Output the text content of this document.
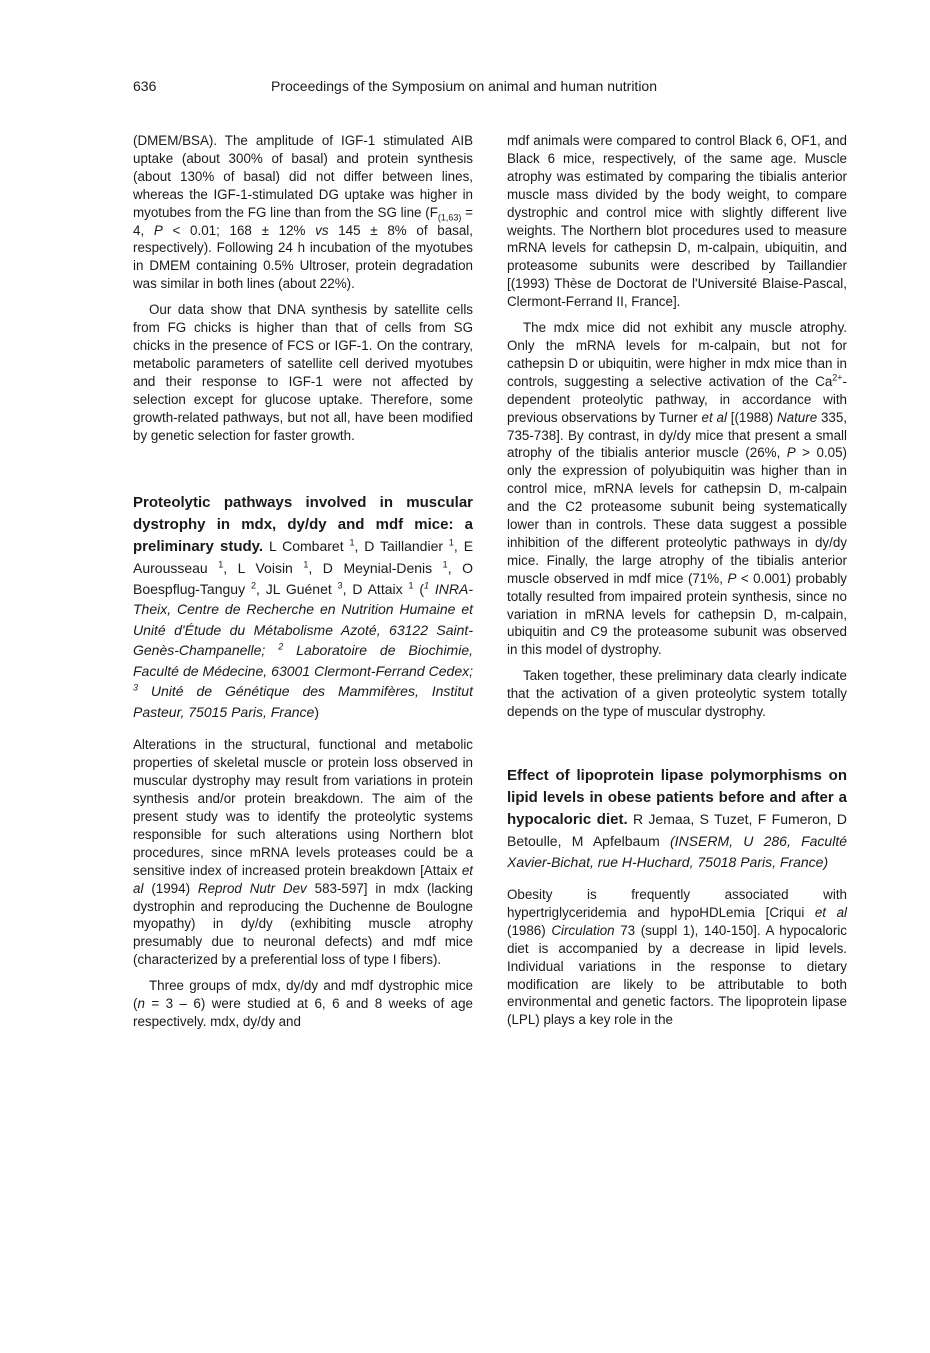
636	Proceedings of the Symposium on animal and human nutrition

(DMEM/BSA). The amplitude of IGF-1 stimulated AIB uptake (about 300% of basal) and protein synthesis (about 130% of basal) did not differ between lines, whereas the IGF-1-stimulated DG uptake was higher in myotubes from the FG line than from the SG line ($F_{(1,63)} = 4$, P < 0.01; 168 ± 12% vs 145 ± 8% of basal, respectively). Following 24 h incubation of the myotubes in DMEM containing 0.5% Ultroser, protein degradation was similar in both lines (about 22%).

Our data show that DNA synthesis by satellite cells from FG chicks is higher than that of cells from SG chicks in the presence of FCS or IGF-1. On the contrary, metabolic parameters of satellite cell derived myotubes and their response to IGF-1 were not affected by selection except for glucose uptake. Therefore, some growth-related pathways, but not all, have been modified by genetic selection for faster growth.

Proteolytic pathways involved in muscular dystrophy in mdx, dy/dy and mdf mice: a preliminary study. L Combaret $^1$, D Taillandier $^1$, E Aurousseau $^1$, L Voisin $^1$, D Meynial-Denis $^1$, O Boespflug-Tanguy $^2$, JL Guénet $^3$, D Attaix $^1$ ($^1$ INRA-Theix, Centre de Recherche en Nutrition Humaine et Unité d'Étude du Métabolisme Azoté, 63122 Saint-Genès-Champanelle; $^2$ Laboratoire de Biochimie, Faculté de Médecine, 63001 Clermont-Ferrand Cedex; $^3$ Unité de Génétique des Mammifères, Institut Pasteur, 75015 Paris, France)

Alterations in the structural, functional and metabolic properties of skeletal muscle or protein loss observed in muscular dystrophy may result from variations in protein synthesis and/or protein breakdown. The aim of the present study was to identify the proteolytic systems responsible for such alterations using Northern blot procedures, since mRNA levels proteases could be a sensitive index of increased protein breakdown [Attaix et al (1994) Reprod Nutr Dev 583-597] in mdx (lacking dystrophin and reproducing the Duchenne de Boulogne myopathy) in dy/dy (exhibiting muscle atrophy presumably due to neuronal defects) and mdf mice (characterized by a preferential loss of type I fibers).

Three groups of mdx, dy/dy and mdf dystrophic mice (n = 3 – 6) were studied at 6, 6 and 8 weeks of age respectively. mdx, dy/dy and

mdf animals were compared to control Black 6, OF1, and Black 6 mice, respectively, of the same age. Muscle atrophy was estimated by comparing the tibialis anterior muscle mass divided by the body weight, to compare dystrophic and control mice with slightly different live weights. The Northern blot procedures used to measure mRNA levels for cathepsin D, m-calpain, ubiquitin, and proteasome subunits were described by Taillandier [(1993) Thèse de Doctorat de l'Université Blaise-Pascal, Clermont-Ferrand II, France].

The mdx mice did not exhibit any muscle atrophy. Only the mRNA levels for m-calpain, but not for cathepsin D or ubiquitin, were higher in mdx mice than in controls, suggesting a selective activation of the $Ca^{2+}$-dependent proteolytic pathway, in accordance with previous observations by Turner et al [(1988) Nature 335, 735-738]. By contrast, in dy/dy mice that present a small atrophy of the tibialis anterior muscle (26%, P > 0.05) only the expression of polyubiquitin was higher than in control mice, mRNA levels for cathepsin D, m-calpain and the C2 proteasome subunit being systematically lower than in controls. These data suggest a possible inhibition of the different proteolytic pathways in dy/dy mice. Finally, the large atrophy of the tibialis anterior muscle observed in mdf mice (71%, P < 0.001) probably totally resulted from impaired protein synthesis, since no variation in mRNA levels for cathepsin D, m-calpain, ubiquitin and C9 the proteasome subunit was observed in this model of dystrophy.

Taken together, these preliminary data clearly indicate that the activation of a given proteolytic system totally depends on the type of muscular dystrophy.

Effect of lipoprotein lipase polymorphisms on lipid levels in obese patients before and after a hypocaloric diet. R Jemaa, S Tuzet, F Fumeron, D Betoulle, M Apfelbaum (INSERM, U 286, Faculté Xavier-Bichat, rue H-Huchard, 75018 Paris, France)

Obesity is frequently associated with hypertriglyceridemia and hypoHDLemia [Criqui et al (1986) Circulation 73 (suppl 1), 140-150]. A hypocaloric diet is accompanied by a decrease in lipid levels. Individual variations in the response to dietary modification are likely to be attributable to both environmental and genetic factors. The lipoprotein lipase (LPL) plays a key role in the
